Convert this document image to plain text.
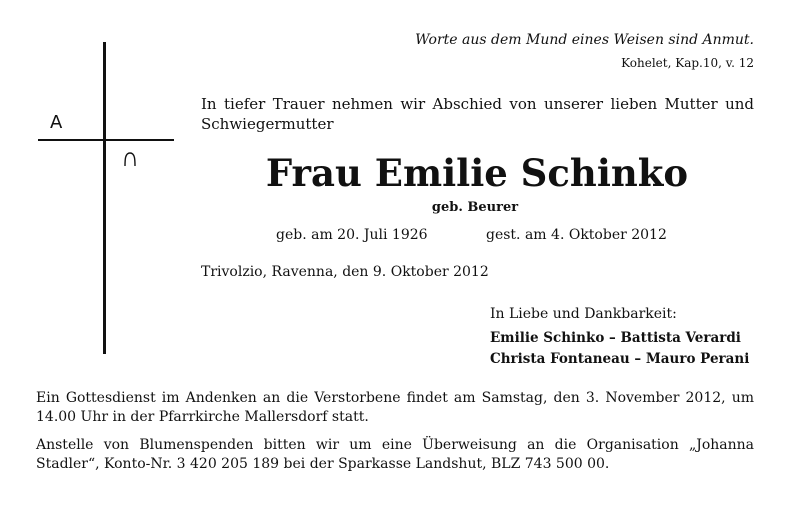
A
Worte aus dem Mund eines Weisen sind Anmut.
Kohelet, Kap.10, v. 12
In tiefer Trauer nehmen wir Abschied von unserer lieben Mutter und Schwiegermutter
Frau Emilie Schinko
geb. Beurer
geb. am 20. Juli 1926	gest. am 4. Oktober 2012
Trivolzio, Ravenna, den 9. Oktober 2012
In Liebe und Dankbarkeit:
Emilie Schinko – Battista Verardi
Christa Fontaneau – Mauro Perani
Ein Gottesdienst im Andenken an die Verstorbene findet am Samstag, den 3. November 2012, um 14.00 Uhr in der Pfarrkirche Mallersdorf statt.
Anstelle von Blumenspenden bitten wir um eine Überweisung an die Organisation „Johanna Stadler“, Konto-Nr. 3 420 205 189 bei der Sparkasse Landshut, BLZ 743 500 00.
